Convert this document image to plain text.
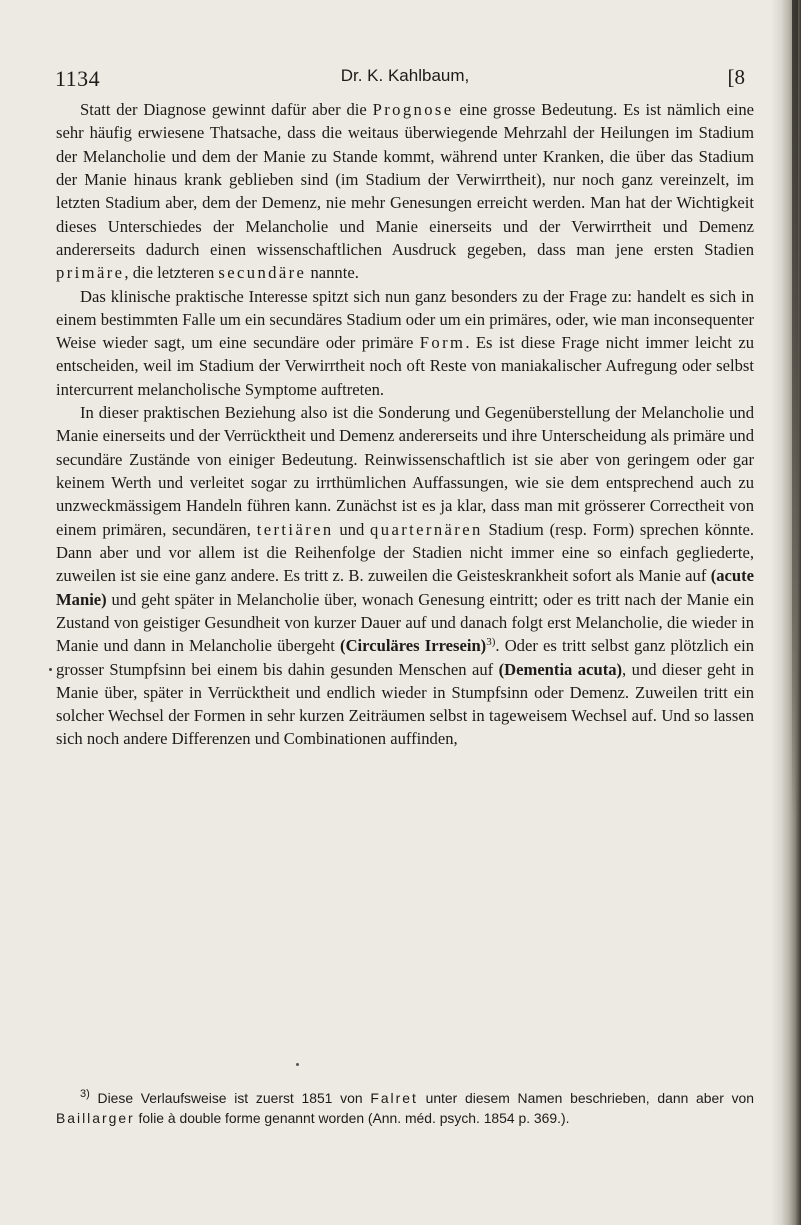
1134	Dr. K. Kahlbaum,	[8

Statt der Diagnose gewinnt dafür aber die Prognose eine grosse Bedeutung. Es ist nämlich eine sehr häufig erwiesene Thatsache, dass die weitaus überwiegende Mehrzahl der Heilungen im Stadium der Melancholie und dem der Manie zu Stande kommt, während unter Kranken, die über das Stadium der Manie hinaus krank geblieben sind (im Stadium der Verwirrtheit), nur noch ganz vereinzelt, im letzten Stadium aber, dem der Demenz, nie mehr Genesungen erreicht werden. Man hat der Wichtigkeit dieses Unterschiedes der Melancholie und Manie einerseits und der Verwirrtheit und Demenz andererseits dadurch einen wissenschaftlichen Ausdruck gegeben, dass man jene ersten Stadien primäre, die letzteren secundäre nannte.

Das klinische praktische Interesse spitzt sich nun ganz besonders zu der Frage zu: handelt es sich in einem bestimmten Falle um ein secundäres Stadium oder um ein primäres, oder, wie man inconsequenter Weise wieder sagt, um eine secundäre oder primäre Form. Es ist diese Frage nicht immer leicht zu entscheiden, weil im Stadium der Verwirrtheit noch oft Reste von maniakalischer Aufregung oder selbst intercurrent melancholische Symptome auftreten.

In dieser praktischen Beziehung also ist die Sonderung und Gegenüberstellung der Melancholie und Manie einerseits und der Verrücktheit und Demenz andererseits und ihre Unterscheidung als primäre und secundäre Zustände von einiger Bedeutung. Reinwissenschaftlich ist sie aber von geringem oder gar keinem Werth und verleitet sogar zu irrthümlichen Auffassungen, wie sie dem entsprechend auch zu unzweckmässigem Handeln führen kann. Zunächst ist es ja klar, dass man mit grösserer Correctheit von einem primären, secundären, tertiären und quarternären Stadium (resp. Form) sprechen könnte. Dann aber und vor allem ist die Reihenfolge der Stadien nicht immer eine so einfach gegliederte, zuweilen ist sie eine ganz andere. Es tritt z. B. zuweilen die Geisteskrankheit sofort als Manie auf (acute Manie) und geht später in Melancholie über, wonach Genesung eintritt; oder es tritt nach der Manie ein Zustand von geistiger Gesundheit von kurzer Dauer auf und danach folgt erst Melancholie, die wieder in Manie und dann in Melancholie übergeht (Circuläres Irresein)$^{3)}$. Oder es tritt selbst ganz plötzlich ein grosser Stumpfsinn bei einem bis dahin gesunden Menschen auf (Dementia acuta), und dieser geht in Manie über, später in Verrücktheit und endlich wieder in Stumpfsinn oder Demenz. Zuweilen tritt ein solcher Wechsel der Formen in sehr kurzen Zeiträumen selbst in tageweisem Wechsel auf. Und so lassen sich noch andere Differenzen und Combinationen auffinden,

$^{3)}$ Diese Verlaufsweise ist zuerst 1851 von Falret unter diesem Namen beschrieben, dann aber von Baillarger folie à double forme genannt worden (Ann. méd. psych. 1854 p. 369.).
